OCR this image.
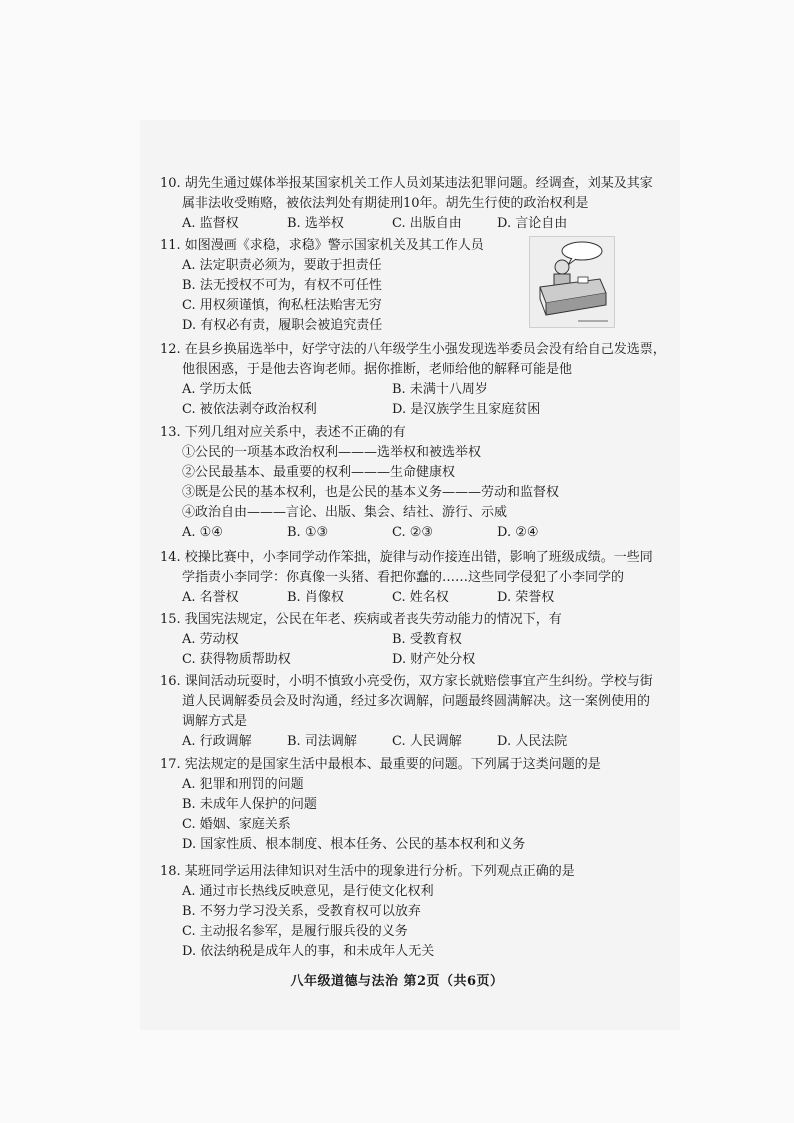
10. 胡先生通过媒体举报某国家机关工作人员刘某违法犯罪问题。经调查，刘某及其家
属非法收受贿赂，被依法判处有期徒刑10年。胡先生行使的政治权利是
A. 监督权	B. 选举权	C. 出版自由	D. 言论自由
11. 如图漫画《求稳，求稳》警示国家机关及其工作人员
A. 法定职责必须为，要敢于担责任
B. 法无授权不可为，有权不可任性
C. 用权须谨慎，徇私枉法贻害无穷
D. 有权必有责，履职会被追究责任
12. 在县乡换届选举中，好学守法的八年级学生小强发现选举委员会没有给自己发选票，
他很困惑，于是他去咨询老师。据你推断，老师给他的解释可能是他
A. 学历太低	B. 未满十八周岁
C. 被依法剥夺政治权利	D. 是汉族学生且家庭贫困
13. 下列几组对应关系中，表述不正确的有
①公民的一项基本政治权利———选举权和被选举权
②公民最基本、最重要的权利———生命健康权
③既是公民的基本权利，也是公民的基本义务———劳动和监督权
④政治自由———言论、出版、集会、结社、游行、示威
A. ①④	B. ①③	C. ②③	D. ②④
14. 校操比赛中，小李同学动作笨拙，旋律与动作接连出错，影响了班级成绩。一些同
学指责小李同学：你真像一头猪、看把你蠢的……这些同学侵犯了小李同学的
A. 名誉权	B. 肖像权	C. 姓名权	D. 荣誉权
15. 我国宪法规定，公民在年老、疾病或者丧失劳动能力的情况下，有
A. 劳动权	B. 受教育权
C. 获得物质帮助权	D. 财产处分权
16. 课间活动玩耍时，小明不慎致小亮受伤，双方家长就赔偿事宜产生纠纷。学校与街
道人民调解委员会及时沟通，经过多次调解，问题最终圆满解决。这一案例使用的
调解方式是
A. 行政调解	B. 司法调解	C. 人民调解	D. 人民法院
17. 宪法规定的是国家生活中最根本、最重要的问题。下列属于这类问题的是
A. 犯罪和刑罚的问题
B. 未成年人保护的问题
C. 婚姻、家庭关系
D. 国家性质、根本制度、根本任务、公民的基本权利和义务
18. 某班同学运用法律知识对生活中的现象进行分析。下列观点正确的是
A. 通过市长热线反映意见，是行使文化权利
B. 不努力学习没关系，受教育权可以放弃
C. 主动报名参军，是履行服兵役的义务
D. 依法纳税是成年人的事，和未成年人无关
八年级道德与法治 第2页（共6页）
